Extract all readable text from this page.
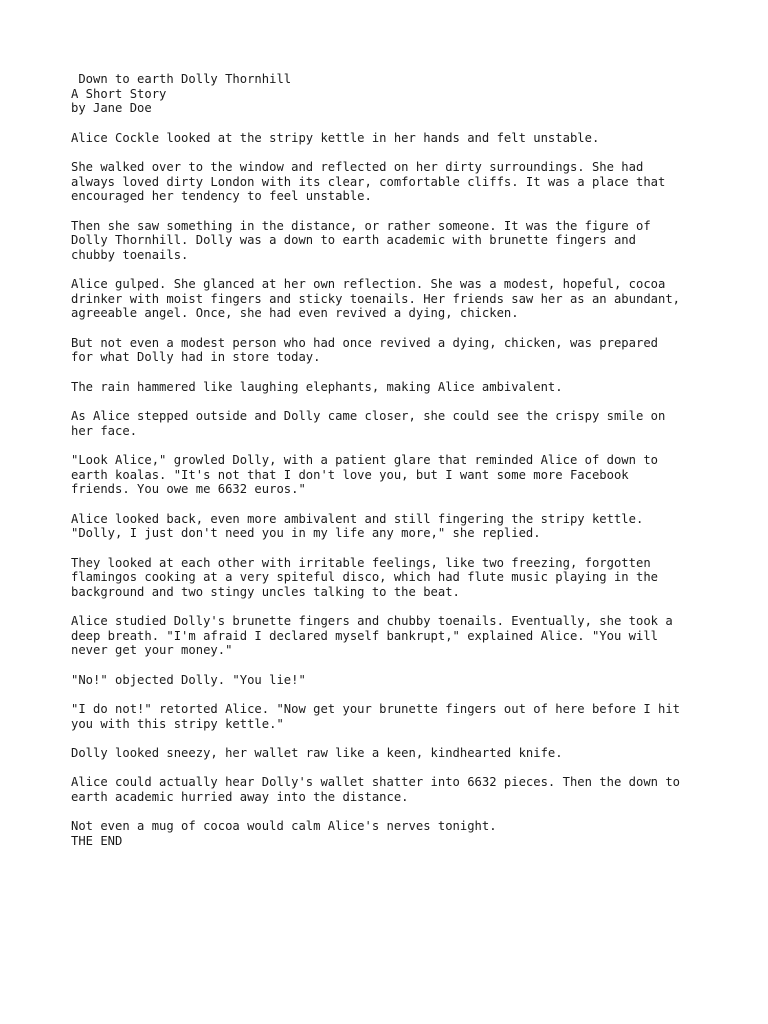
Down to earth Dolly Thornhill
A Short Story
by Jane Doe
Alice Cockle looked at the stripy kettle in her hands and felt unstable.
She walked over to the window and reflected on her dirty surroundings. She had
always loved dirty London with its clear, comfortable cliffs. It was a place that
encouraged her tendency to feel unstable.
Then she saw something in the distance, or rather someone. It was the figure of
Dolly Thornhill. Dolly was a down to earth academic with brunette fingers and
chubby toenails.
Alice gulped. She glanced at her own reflection. She was a modest, hopeful, cocoa
drinker with moist fingers and sticky toenails. Her friends saw her as an abundant,
agreeable angel. Once, she had even revived a dying, chicken.
But not even a modest person who had once revived a dying, chicken, was prepared
for what Dolly had in store today.
The rain hammered like laughing elephants, making Alice ambivalent.
As Alice stepped outside and Dolly came closer, she could see the crispy smile on
her face.
"Look Alice," growled Dolly, with a patient glare that reminded Alice of down to
earth koalas. "It's not that I don't love you, but I want some more Facebook
friends. You owe me 6632 euros."
Alice looked back, even more ambivalent and still fingering the stripy kettle.
"Dolly, I just don't need you in my life any more," she replied.
They looked at each other with irritable feelings, like two freezing, forgotten
flamingos cooking at a very spiteful disco, which had flute music playing in the
background and two stingy uncles talking to the beat.
Alice studied Dolly's brunette fingers and chubby toenails. Eventually, she took a
deep breath. "I'm afraid I declared myself bankrupt," explained Alice. "You will
never get your money."
"No!" objected Dolly. "You lie!"
"I do not!" retorted Alice. "Now get your brunette fingers out of here before I hit
you with this stripy kettle."
Dolly looked sneezy, her wallet raw like a keen, kindhearted knife.
Alice could actually hear Dolly's wallet shatter into 6632 pieces. Then the down to
earth academic hurried away into the distance.
Not even a mug of cocoa would calm Alice's nerves tonight.
THE END
